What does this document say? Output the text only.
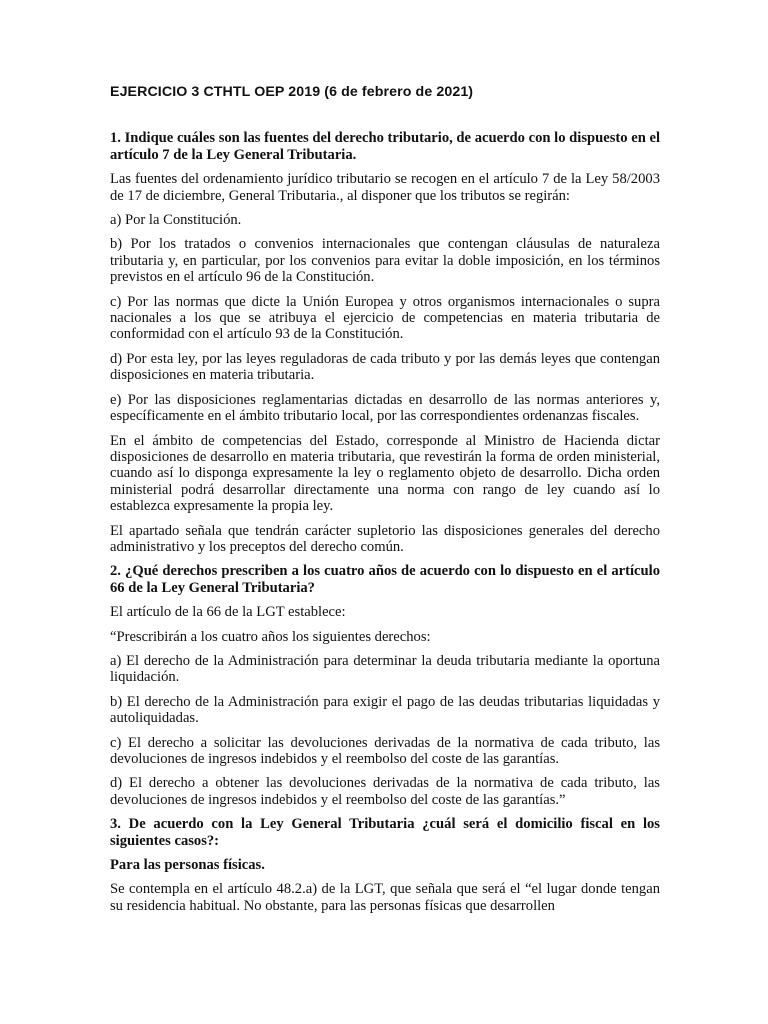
EJERCICIO 3 CTHTL OEP 2019 (6 de febrero de 2021)

1. Indique cuáles son las fuentes del derecho tributario, de acuerdo con lo dispuesto en el artículo 7 de la Ley General Tributaria.

Las fuentes del ordenamiento jurídico tributario se recogen en el artículo 7 de la Ley 58/2003 de 17 de diciembre, General Tributaria., al disponer que los tributos se regirán:

a) Por la Constitución.

b) Por los tratados o convenios internacionales que contengan cláusulas de naturaleza tributaria y, en particular, por los convenios para evitar la doble imposición, en los términos previstos en el artículo 96 de la Constitución.

c) Por las normas que dicte la Unión Europea y otros organismos internacionales o supra nacionales a los que se atribuya el ejercicio de competencias en materia tributaria de conformidad con el artículo 93 de la Constitución.

d) Por esta ley, por las leyes reguladoras de cada tributo y por las demás leyes que contengan disposiciones en materia tributaria.

e) Por las disposiciones reglamentarias dictadas en desarrollo de las normas anteriores y, específicamente en el ámbito tributario local, por las correspondientes ordenanzas fiscales.

En el ámbito de competencias del Estado, corresponde al Ministro de Hacienda dictar disposiciones de desarrollo en materia tributaria, que revestirán la forma de orden ministerial, cuando así lo disponga expresamente la ley o reglamento objeto de desarrollo. Dicha orden ministerial podrá desarrollar directamente una norma con rango de ley cuando así lo establezca expresamente la propia ley.

El apartado señala que tendrán carácter supletorio las disposiciones generales del derecho administrativo y los preceptos del derecho común.

2. ¿Qué derechos prescriben a los cuatro años de acuerdo con lo dispuesto en el artículo 66 de la Ley General Tributaria?

El artículo de la 66 de la LGT establece:

“Prescribirán a los cuatro años los siguientes derechos:

a) El derecho de la Administración para determinar la deuda tributaria mediante la oportuna liquidación.

b) El derecho de la Administración para exigir el pago de las deudas tributarias liquidadas y autoliquidadas.

c) El derecho a solicitar las devoluciones derivadas de la normativa de cada tributo, las devoluciones de ingresos indebidos y el reembolso del coste de las garantías.

d) El derecho a obtener las devoluciones derivadas de la normativa de cada tributo, las devoluciones de ingresos indebidos y el reembolso del coste de las garantías.”

3. De acuerdo con la Ley General Tributaria ¿cuál será el domicilio fiscal en los siguientes casos?:

Para las personas físicas.

Se contempla en el artículo 48.2.a) de la LGT, que señala que será el “el lugar donde tengan su residencia habitual. No obstante, para las personas físicas que desarrollen
